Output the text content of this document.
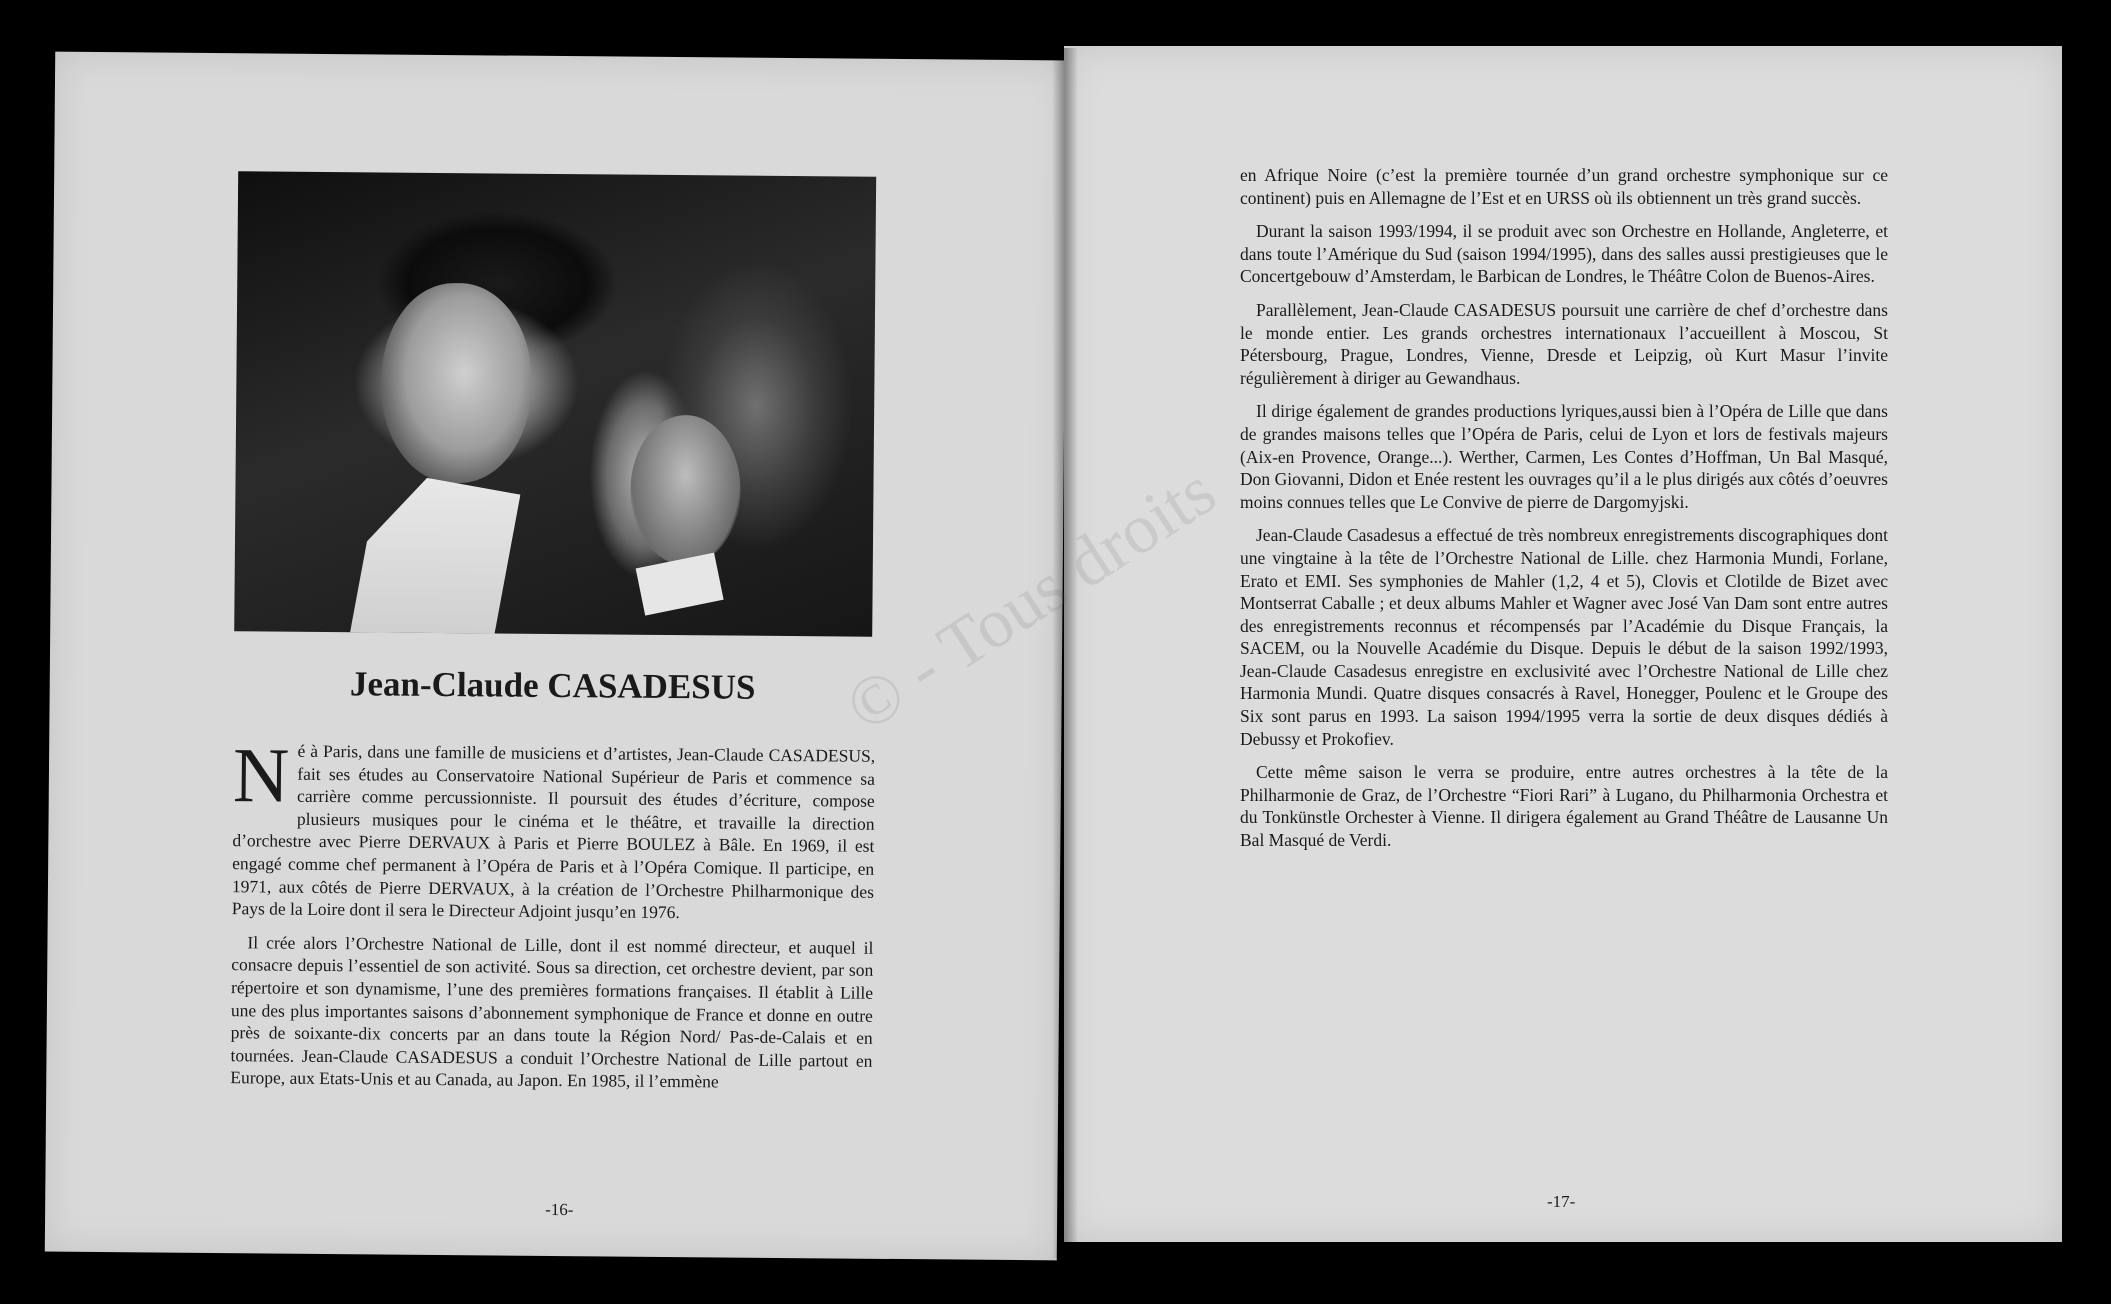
Jean-Claude CASADESUS

Né à Paris, dans une famille de musiciens et d’artistes, Jean-Claude CASADESUS, fait ses études au Conservatoire National Supérieur de Paris et commence sa carrière comme percussionniste. Il poursuit des études d’écriture, compose plusieurs musiques pour le cinéma et le théâtre, et travaille la direction d’orchestre avec Pierre DERVAUX à Paris et Pierre BOULEZ à Bâle. En 1969, il est engagé comme chef permanent à l’Opéra de Paris et à l’Opéra Comique. Il participe, en 1971, aux côtés de Pierre DERVAUX, à la création de l’Orchestre Philharmonique des Pays de la Loire dont il sera le Directeur Adjoint jusqu’en 1976.

Il crée alors l’Orchestre National de Lille, dont il est nommé directeur, et auquel il consacre depuis l’essentiel de son activité. Sous sa direction, cet orchestre devient, par son répertoire et son dynamisme, l’une des premières formations françaises. Il établit à Lille une des plus importantes saisons d’abonnement symphonique de France et donne en outre près de soixante-dix concerts par an dans toute la Région Nord/ Pas-de-Calais et en tournées. Jean-Claude CASADESUS a conduit l’Orchestre National de Lille partout en Europe, aux Etats-Unis et au Canada, au Japon. En 1985, il l’emmène

-16-

en Afrique Noire (c’est la première tournée d’un grand orchestre symphonique sur ce continent) puis en Allemagne de l’Est et en URSS où ils obtiennent un très grand succès.

Durant la saison 1993/1994, il se produit avec son Orchestre en Hollande, Angleterre, et dans toute l’Amérique du Sud (saison 1994/1995), dans des salles aussi prestigieuses que le Concertgebouw d’Amsterdam, le Barbican de Londres, le Théâtre Colon de Buenos-Aires.

Parallèlement, Jean-Claude CASADESUS poursuit une carrière de chef d’orchestre dans le monde entier. Les grands orchestres internationaux l’accueillent à Moscou, St Pétersbourg, Prague, Londres, Vienne, Dresde et Leipzig, où Kurt Masur l’invite régulièrement à diriger au Gewandhaus.

Il dirige également de grandes productions lyriques,aussi bien à l’Opéra de Lille que dans de grandes maisons telles que l’Opéra de Paris, celui de Lyon et lors de festivals majeurs (Aix-en Provence, Orange...). Werther, Carmen, Les Contes d’Hoffman, Un Bal Masqué, Don Giovanni, Didon et Enée restent les ouvrages qu’il a le plus dirigés aux côtés d’oeuvres moins connues telles que Le Convive de pierre de Dargomyjski.

Jean-Claude Casadesus a effectué de très nombreux enregistrements discographiques dont une vingtaine à la tête de l’Orchestre National de Lille. chez Harmonia Mundi, Forlane, Erato et EMI. Ses symphonies de Mahler (1,2, 4 et 5), Clovis et Clotilde de Bizet avec Montserrat Caballe ; et deux albums Mahler et Wagner avec José Van Dam sont entre autres des enregistrements reconnus et récompensés par l’Académie du Disque Français, la SACEM, ou la Nouvelle Académie du Disque. Depuis le début de la saison 1992/1993, Jean-Claude Casadesus enregistre en exclusivité avec l’Orchestre National de Lille chez Harmonia Mundi. Quatre disques consacrés à Ravel, Honegger, Poulenc et le Groupe des Six sont parus en 1993. La saison 1994/1995 verra la sortie de deux disques dédiés à Debussy et Prokofiev.

Cette même saison le verra se produire, entre autres orchestres à la tête de la Philharmonie de Graz, de l’Orchestre “Fiori Rari” à Lugano, du Philharmonia Orchestra et du Tonkünstle Orchester à Vienne. Il dirigera également au Grand Théâtre de Lausanne Un Bal Masqué de Verdi.

-17-
